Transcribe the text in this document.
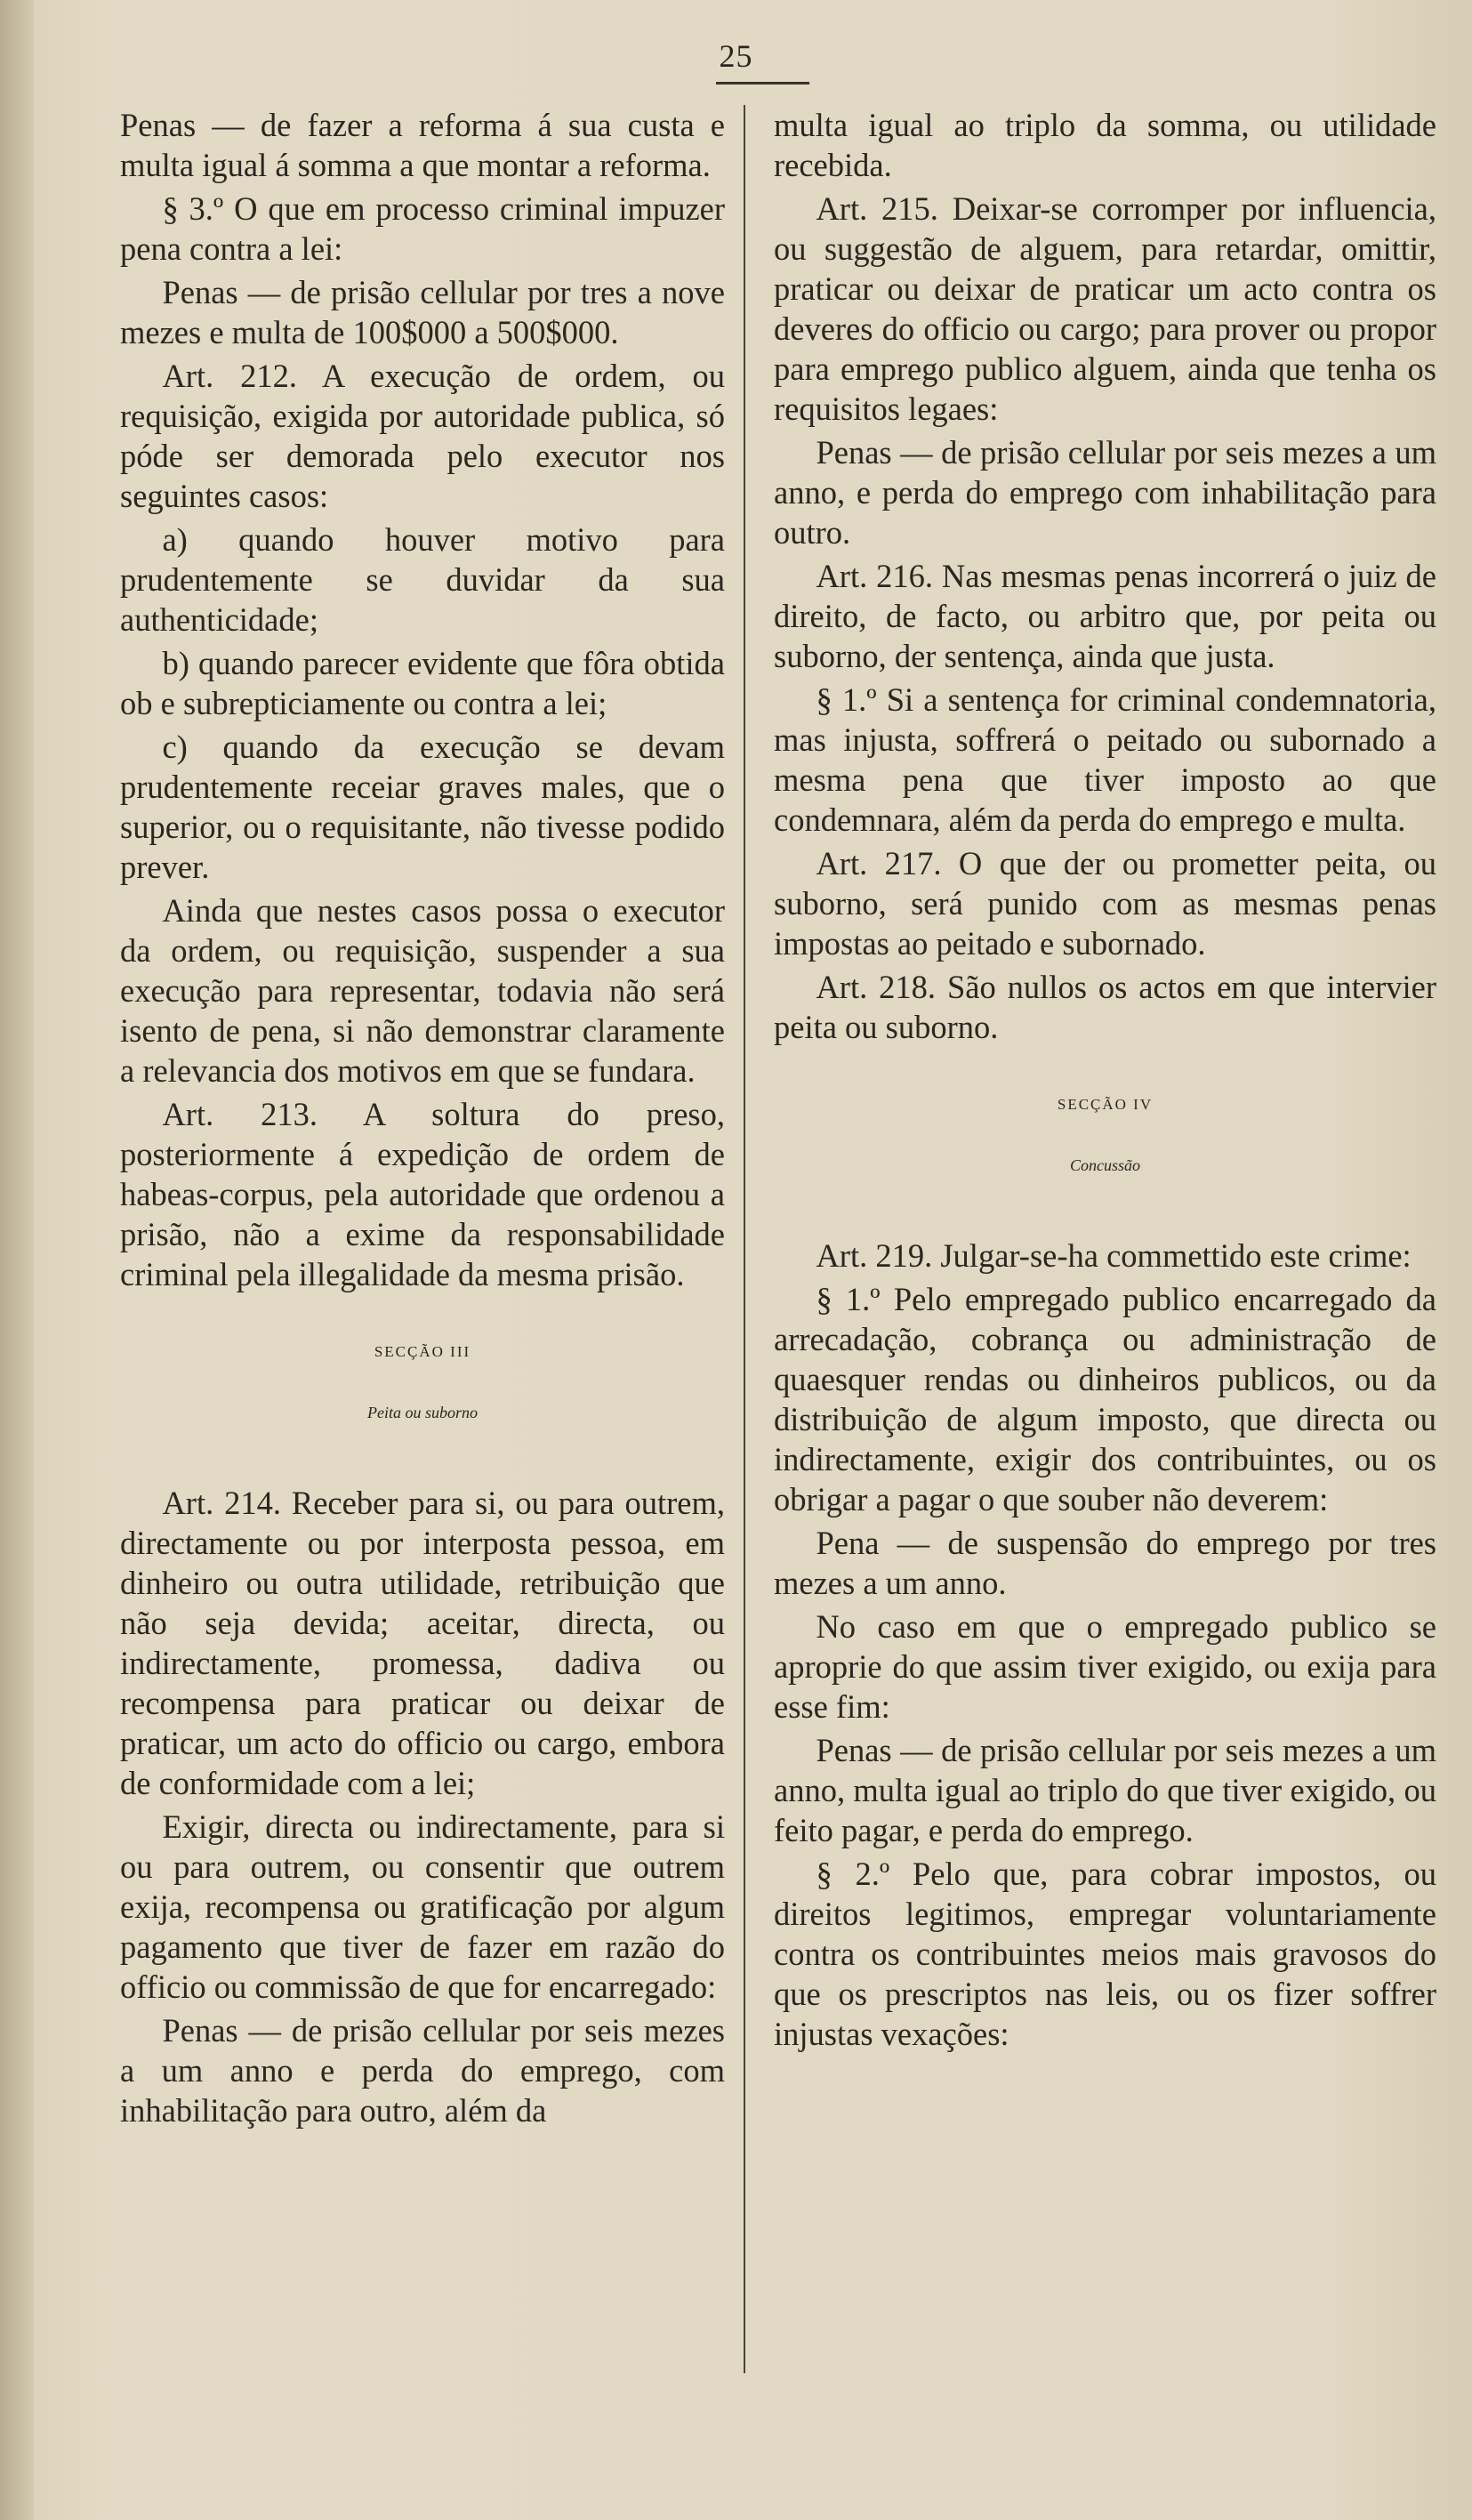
25

Penas — de fazer a reforma á sua custa e multa igual á somma a que montar a reforma.

§ 3.º O que em processo criminal impuzer pena contra a lei:

Penas — de prisão cellular por tres a nove mezes e multa de 100$000 a 500$000.

Art. 212. A execução de ordem, ou requisição, exigida por autoridade publica, só póde ser demorada pelo executor nos seguintes casos:

a) quando houver motivo para prudentemente se duvidar da sua authenticidade;

b) quando parecer evidente que fôra obtida ob e subrepticiamente ou contra a lei;

c) quando da execução se devam prudentemente receiar graves males, que o superior, ou o requisitante, não tivesse podido prever.

Ainda que nestes casos possa o executor da ordem, ou requisição, suspender a sua execução para representar, todavia não será isento de pena, si não demonstrar claramente a relevancia dos motivos em que se fundara.

Art. 213. A soltura do preso, posteriormente á expedição de ordem de habeas-corpus, pela autoridade que ordenou a prisão, não a exime da responsabilidade criminal pela illegalidade da mesma prisão.

SECÇÃO III
Peita ou suborno

Art. 214. Receber para si, ou para outrem, directamente ou por interposta pessoa, em dinheiro ou outra utilidade, retribuição que não seja devida; aceitar, directa, ou indirectamente, promessa, dadiva ou recompensa para praticar ou deixar de praticar, um acto do officio ou cargo, embora de conformidade com a lei;

Exigir, directa ou indirectamente, para si ou para outrem, ou consentir que outrem exija, recompensa ou gratificação por algum pagamento que tiver de fazer em razão do officio ou commissão de que for encarregado:

Penas — de prisão cellular por seis mezes a um anno e perda do emprego, com inhabilitação para outro, além da

multa igual ao triplo da somma, ou utilidade recebida.

Art. 215. Deixar-se corromper por influencia, ou suggestão de alguem, para retardar, omittir, praticar ou deixar de praticar um acto contra os deveres do officio ou cargo; para prover ou propor para emprego publico alguem, ainda que tenha os requisitos legaes:

Penas — de prisão cellular por seis mezes a um anno, e perda do emprego com inhabilitação para outro.

Art. 216. Nas mesmas penas incorrerá o juiz de direito, de facto, ou arbitro que, por peita ou suborno, der sentença, ainda que justa.

§ 1.º Si a sentença for criminal condemnatoria, mas injusta, soffrerá o peitado ou subornado a mesma pena que tiver imposto ao que condemnara, além da perda do emprego e multa.

Art. 217. O que der ou prometter peita, ou suborno, será punido com as mesmas penas impostas ao peitado e subornado.

Art. 218. São nullos os actos em que intervier peita ou suborno.

SECÇÃO IV
Concussão

Art. 219. Julgar-se-ha commettido este crime:

§ 1.º Pelo empregado publico encarregado da arrecadação, cobrança ou administração de quaesquer rendas ou dinheiros publicos, ou da distribuição de algum imposto, que directa ou indirectamente, exigir dos contribuintes, ou os obrigar a pagar o que souber não deverem:

Pena — de suspensão do emprego por tres mezes a um anno.

No caso em que o empregado publico se aproprie do que assim tiver exigido, ou exija para esse fim:

Penas — de prisão cellular por seis mezes a um anno, multa igual ao triplo do que tiver exigido, ou feito pagar, e perda do emprego.

§ 2.º Pelo que, para cobrar impostos, ou direitos legitimos, empregar voluntariamente contra os contribuintes meios mais gravosos do que os prescriptos nas leis, ou os fizer soffrer injustas vexações:
